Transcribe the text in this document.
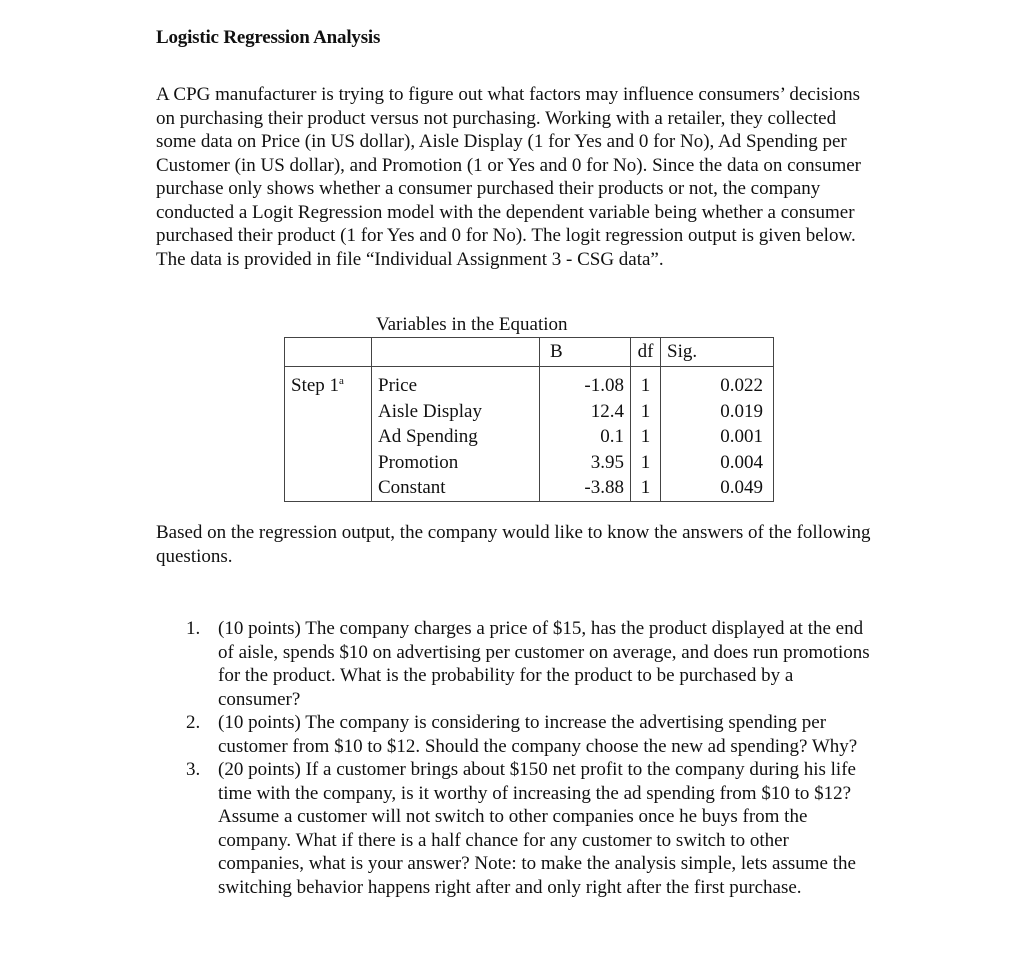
Logistic Regression Analysis
A CPG manufacturer is trying to figure out what factors may influence consumers’ decisions on purchasing their product versus not purchasing. Working with a retailer, they collected some data on Price (in US dollar), Aisle Display (1 for Yes and 0 for No), Ad Spending per Customer (in US dollar), and Promotion (1 or Yes and 0 for No). Since the data on consumer purchase only shows whether a consumer purchased their products or not, the company conducted a Logit Regression model with the dependent variable being whether a consumer purchased their product (1 for Yes and 0 for No). The logit regression output is given below. The data is provided in file “Individual Assignment 3 - CSG data”.
Variables in the Equation
		B	df	Sig.
Step 1$^a$	Price	-1.08	1	0.022
	Aisle Display	12.4	1	0.019
	Ad Spending	0.1	1	0.001
	Promotion	3.95	1	0.004
	Constant	-3.88	1	0.049
Based on the regression output, the company would like to know the answers of the following questions.
1. (10 points) The company charges a price of $15, has the product displayed at the end of aisle, spends $10 on advertising per customer on average, and does run promotions for the product. What is the probability for the product to be purchased by a consumer?
2. (10 points) The company is considering to increase the advertising spending per customer from $10 to $12. Should the company choose the new ad spending? Why?
3. (20 points) If a customer brings about $150 net profit to the company during his life time with the company, is it worthy of increasing the ad spending from $10 to $12? Assume a customer will not switch to other companies once he buys from the company. What if there is a half chance for any customer to switch to other companies, what is your answer? Note: to make the analysis simple, lets assume the switching behavior happens right after and only right after the first purchase.
